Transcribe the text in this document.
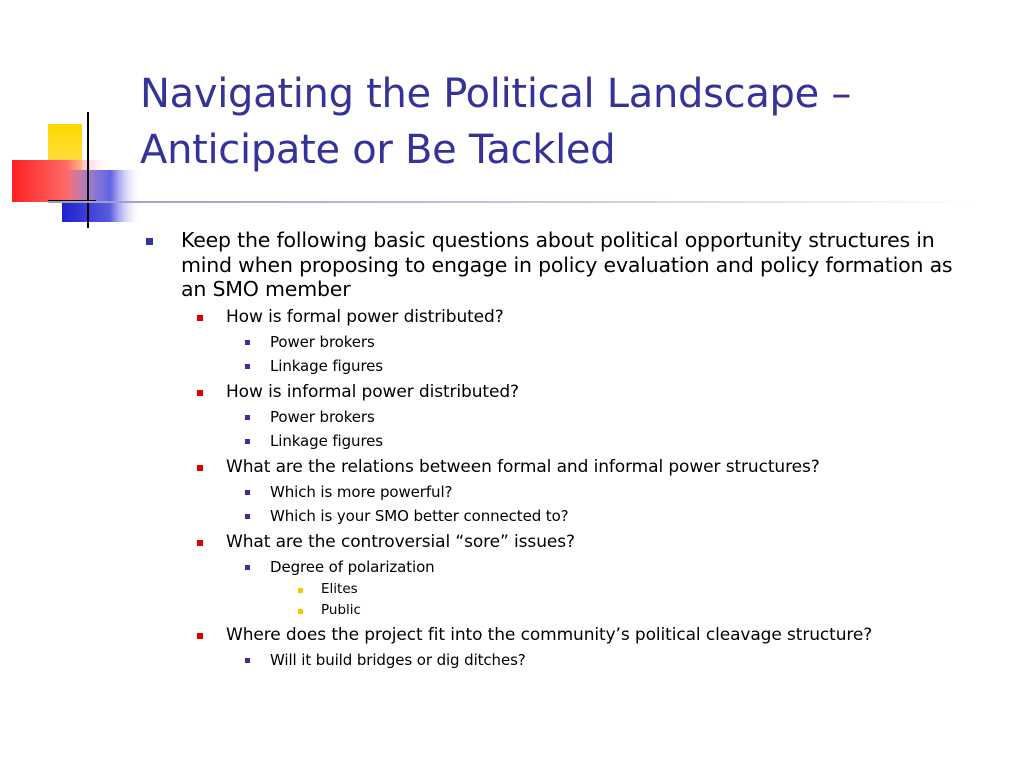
Navigating the Political Landscape –
Anticipate or Be Tackled
Keep the following basic questions about political opportunity structures in mind when proposing to engage in policy evaluation and policy formation as an SMO member
How is formal power distributed?
Power brokers
Linkage figures
How is informal power distributed?
Power brokers
Linkage figures
What are the relations between formal and informal power structures?
Which is more powerful?
Which is your SMO better connected to?
What are the controversial “sore” issues?
Degree of polarization
Elites
Public
Where does the project fit into the community’s political cleavage structure?
Will it build bridges or dig ditches?
